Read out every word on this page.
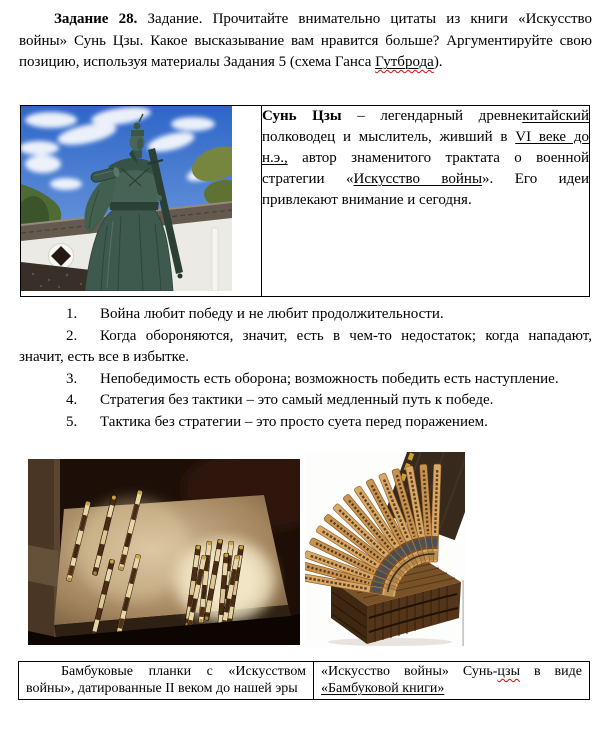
Задание 28. Задание. Прочитайте внимательно цитаты из книги «Искусство войны» Сунь Цзы. Какое высказывание вам нравится больше? Аргументируйте свою позицию, используя материалы Задания 5 (схема Ганса Гутброда).

Сунь Цзы – легендарный древнекитайский полководец и мыслитель, живший в VI веке до н.э., автор знаменитого трактата о военной стратегии «Искусство войны». Его идеи привлекают внимание и сегодня.

1. Война любит победу и не любит продолжительности.

2. Когда обороняются, значит, есть в чем-то недостаток; когда нападают, значит, есть все в избытке.

3. Непобедимость есть оборона; возможность победить есть наступление.

4. Стратегия без тактики – это самый медленный путь к победе.

5. Тактика без стратегии – это просто суета перед поражением.

Бамбуковые планки с «Искусством войны», датированные II веком до нашей эры

«Искусство войны» Сунь-цзы в виде «Бамбуковой книги»
